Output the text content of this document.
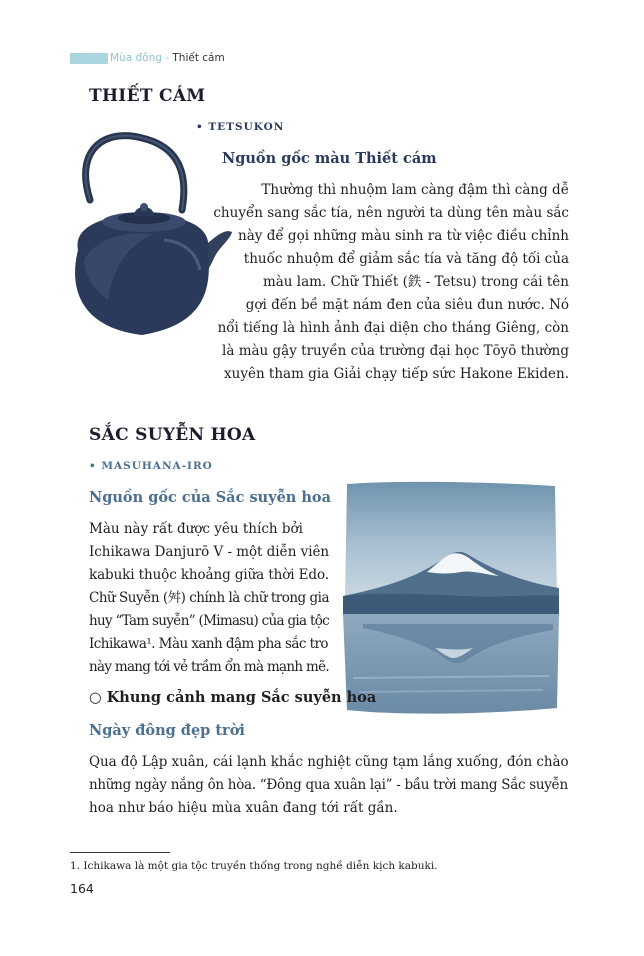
Mùa đông - Thiết cám
THIẾT CÁM
• TETSUKON
Nguồn gốc màu Thiết cám
Thường thì nhuộm lam càng đậm thì càng dễ
chuyển sang sắc tía, nên người ta dùng tên màu sắc
này để gọi những màu sinh ra từ việc điều chỉnh
thuốc nhuộm để giảm sắc tía và tăng độ tối của
màu lam. Chữ Thiết (鉄 - Tetsu) trong cái tên
gợi đến bề mặt nám đen của siêu đun nước. Nó
nổi tiếng là hình ảnh đại diện cho tháng Giêng, còn
là màu gậy truyền của trường đại học Tōyō thường
xuyên tham gia Giải chạy tiếp sức Hakone Ekiden.
SẮC SUYỄN HOA
• MASUHANA-IRO
Nguồn gốc của Sắc suyễn hoa
Màu này rất được yêu thích bởi
Ichikawa Danjurō V - một diễn viên
kabuki thuộc khoảng giữa thời Edo.
Chữ Suyễn (舛) chính là chữ trong gia
huy “Tam suyễn” (Mimasu) của gia tộc
Ichikawa¹. Màu xanh đậm pha sắc tro
này mang tới vẻ trầm ổn mà mạnh mẽ.
○ Khung cảnh mang Sắc suyễn hoa
Ngày đông đẹp trời
Qua độ Lập xuân, cái lạnh khắc nghiệt cũng tạm lắng xuống, đón chào
những ngày nắng ôn hòa. “Đông qua xuân lại” - bầu trời mang Sắc suyễn
hoa như báo hiệu mùa xuân đang tới rất gần.
1. Ichikawa là một gia tộc truyền thống trong nghề diễn kịch kabuki.
164
